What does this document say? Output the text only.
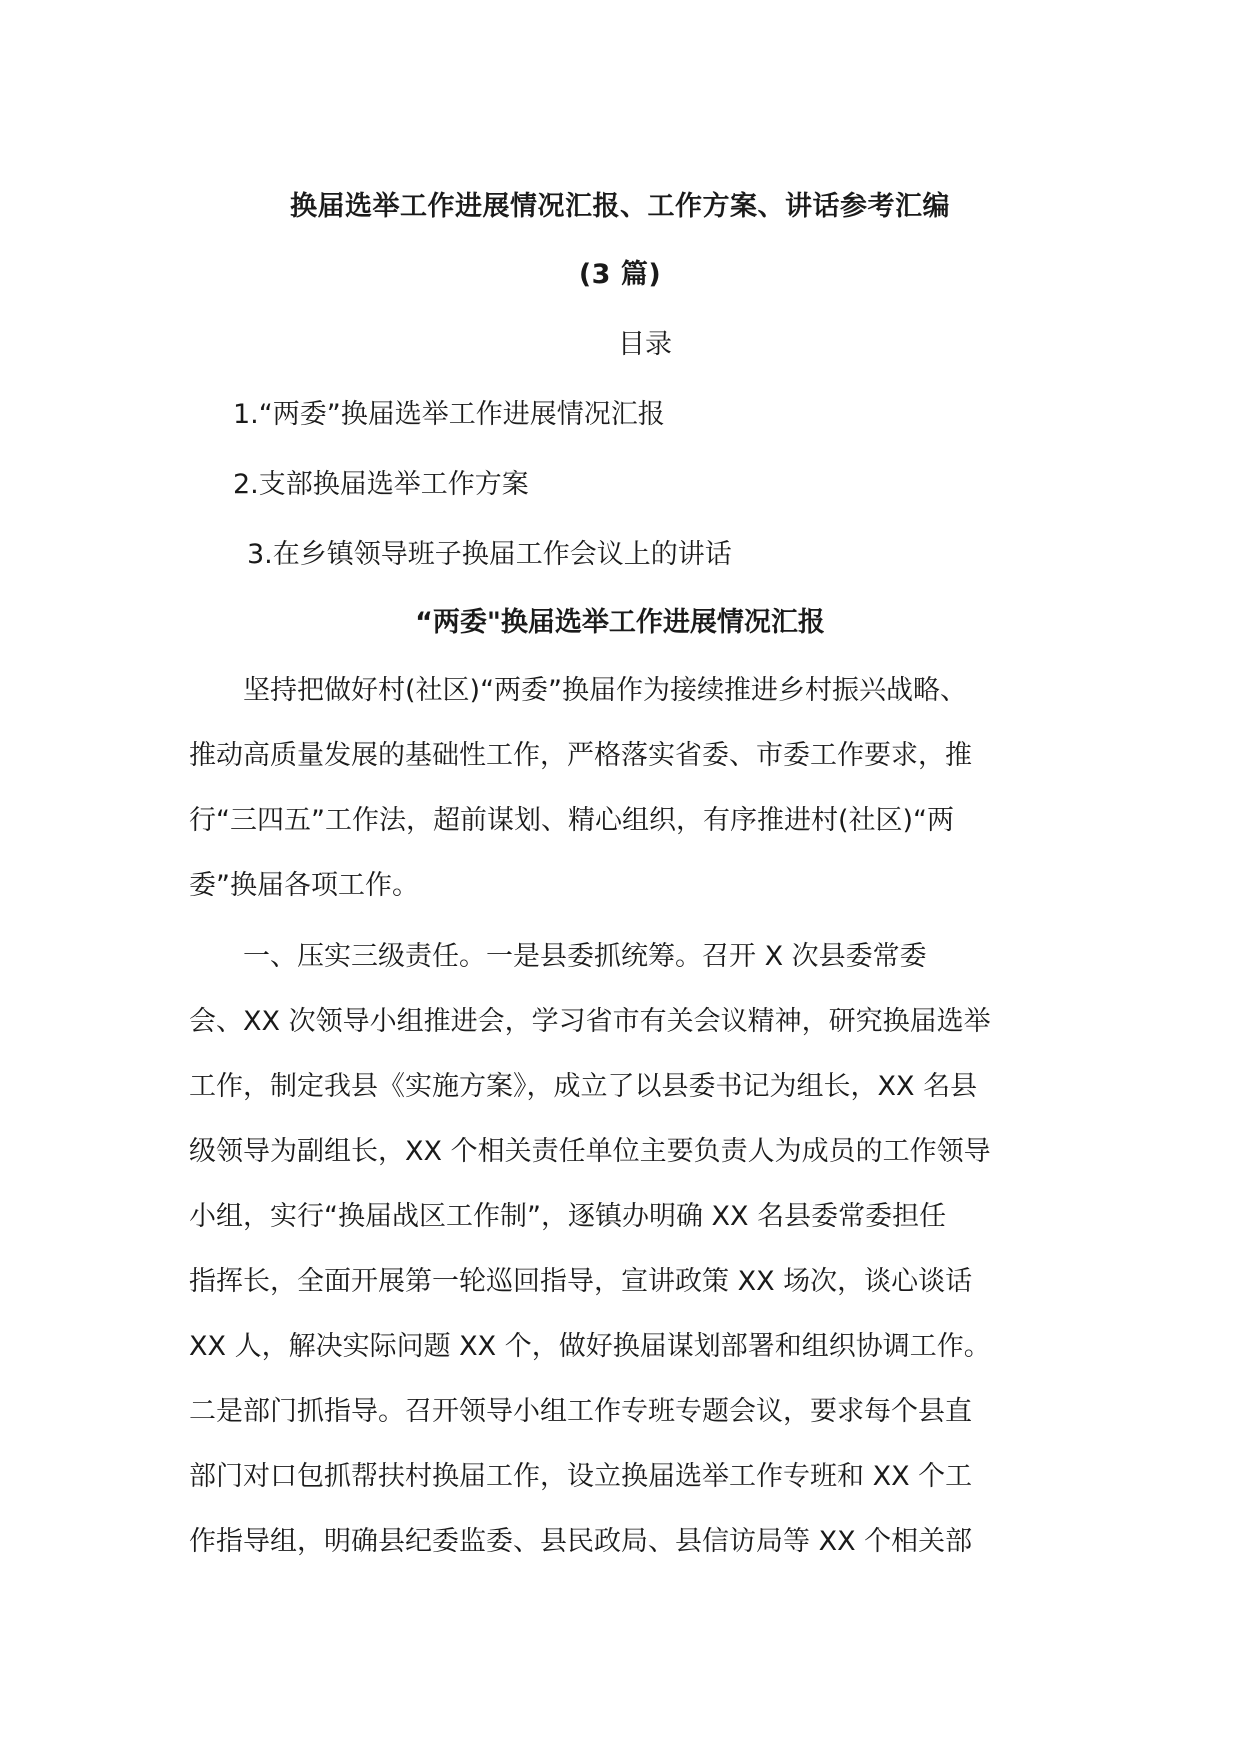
换届选举工作进展情况汇报、工作方案、讲话参考汇编
(3 篇)
目录
1.“两委”换届选举工作进展情况汇报
2.支部换届选举工作方案
3.在乡镇领导班子换届工作会议上的讲话
“两委"换届选举工作进展情况汇报
　　坚持把做好村(社区)“两委”换届作为接续推进乡村振兴战略、
推动高质量发展的基础性工作，严格落实省委、市委工作要求，推
行“三四五”工作法，超前谋划、精心组织，有序推进村(社区)“两
委”换届各项工作。
　　一、压实三级责任。一是县委抓统筹。召开 X 次县委常委
会、XX 次领导小组推进会，学习省市有关会议精神，研究换届选举
工作，制定我县《实施方案》，成立了以县委书记为组长，XX 名县
级领导为副组长，XX 个相关责任单位主要负责人为成员的工作领导
小组，实行“换届战区工作制”，逐镇办明确 XX 名县委常委担任
指挥长，全面开展第一轮巡回指导，宣讲政策 XX 场次，谈心谈话
XX 人，解决实际问题 XX 个，做好换届谋划部署和组织协调工作。
二是部门抓指导。召开领导小组工作专班专题会议，要求每个县直
部门对口包抓帮扶村换届工作，设立换届选举工作专班和 XX 个工
作指导组，明确县纪委监委、县民政局、县信访局等 XX 个相关部
